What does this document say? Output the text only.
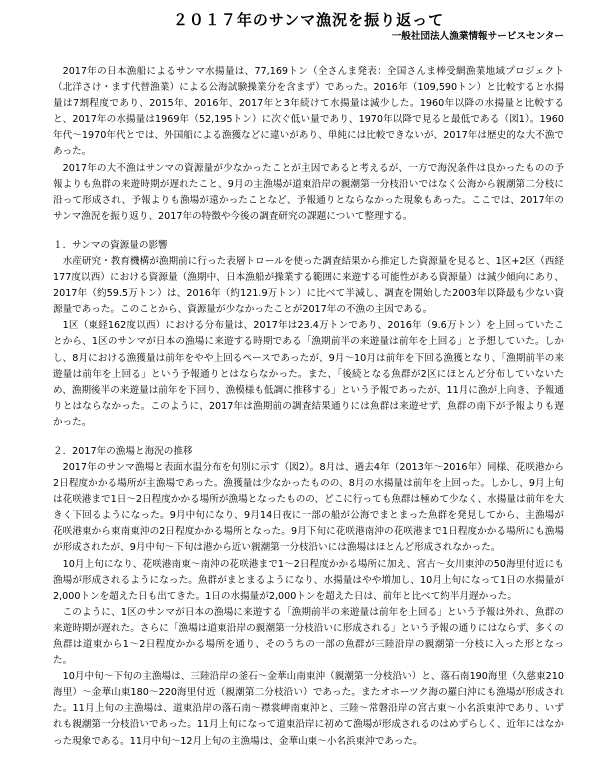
２０１７年のサンマ漁況を振り返って
一般社団法人漁業情報サービスセンター

2017年の日本漁船によるサンマ水揚量は、77,169トン（全さんま発表：全国さんま棒受網漁業地域プロジェクト（北洋さけ・ます代替漁業）による公海試験操業分を含まず）であった。2016年（109,590トン）と比較すると水揚量は7割程度であり、2015年、2016年、2017年と3年続けて水揚量は減少した。1960年以降の水揚量と比較すると、2017年の水揚量は1969年（52,195トン）に次ぐ低い量であり、1970年以降で見ると最低である（図1）。1960年代～1970年代とでは、外国船による漁獲などに違いがあり、単純には比較できないが、2017年は歴史的な大不漁であった。

2017年の大不漁はサンマの資源量が少なかったことが主因であると考えるが、一方で海況条件は良かったものの予報よりも魚群の来遊時期が遅れたこと、9月の主漁場が道東沿岸の親潮第一分枝沿いではなく公海から親潮第二分枝に沿って形成され、予報よりも漁場が遠かったことなど、予報通りとならなかった現象もあった。ここでは、2017年のサンマ漁況を振り返り、2017年の特徴や今後の調査研究の課題について整理する。

１．サンマの資源量の影響

水産研究・教育機構が漁期前に行った表層トロールを使った調査結果から推定した資源量を見ると、1区+2区（西経177度以西）における資源量（漁期中、日本漁船が操業する範囲に来遊する可能性がある資源量）は減少傾向にあり、2017年（約59.5万トン）は、2016年（約121.9万トン）に比べて半減し、調査を開始した2003年以降最も少ない資源量であった。このことから、資源量が少なかったことが2017年の不漁の主因である。

1区（東経162度以西）における分布量は、2017年は23.4万トンであり、2016年（9.6万トン）を上回っていたことから、1区のサンマが日本の漁場に来遊する時期である「漁期前半の来遊量は前年を上回る」と予想していた。しかし、8月における漁獲量は前年をやや上回るペースであったが、9月～10月は前年を下回る漁獲となり、「漁期前半の来遊量は前年を上回る」という予報通りとはならなかった。また、「後続となる魚群が2区にほとんど分布していないため、漁期後半の来遊量は前年を下回り、漁模様も低調に推移する」という予報であったが、11月に漁が上向き、予報通りとはならなかった。このように、2017年は漁期前の調査結果通りには魚群は来遊せず、魚群の南下が予報よりも遅かった。

２．2017年の漁場と海況の推移

2017年のサンマ漁場と表面水温分布を旬別に示す（図2）。8月は、過去4年（2013年～2016年）同様、花咲港から2日程度かかる場所が主漁場であった。漁獲量は少なかったものの、8月の水揚量は前年を上回った。しかし、9月上旬は花咲港まで1日～2日程度かかる場所が漁場となったものの、どこに行っても魚群は極めて少なく、水揚量は前年を大きく下回るようになった。9月中旬になり、9月14日夜に一部の船が公海でまとまった魚群を発見してから、主漁場が花咲港東から東南東沖の2日程度かかる場所となった。9月下旬に花咲港南沖の花咲港まで1日程度かかる場所にも漁場が形成されたが、9月中旬～下旬は港から近い親潮第一分枝沿いには漁場はほとんど形成されなかった。

10月上旬になり、花咲港南東～南沖の花咲港まで1～2日程度かかる場所に加え、宮古～女川東沖の50海里付近にも漁場が形成されるようになった。魚群がまとまるようになり、水揚量はやや増加し、10月上旬になって1日の水揚量が2,000トンを超えた日も出てきた。1日の水揚量が2,000トンを超えた日は、前年と比べて約半月遅かった。

このように、1区のサンマが日本の漁場に来遊する「漁期前半の来遊量は前年を上回る」という予報は外れ、魚群の来遊時期が遅れた。さらに「漁場は道東沿岸の親潮第一分枝沿いに形成される」という予報の通りにはならず、多くの魚群は道東から1～2日程度かかる場所を通り、そのうちの一部の魚群が三陸沿岸の親潮第一分枝に入った形となった。

10月中旬～下旬の主漁場は、三陸沿岸の釜石～金華山南東沖（親潮第一分枝沿い）と、落石南190海里（久慈東210海里）～金華山東180～220海里付近（親潮第二分枝沿い）であった。またオホーツク海の羅臼沖にも漁場が形成された。11月上旬の主漁場は、道東沿岸の落石南～襟裳岬南東沖と、三陸～常磐沿岸の宮古東～小名浜東沖であり、いずれも親潮第一分枝沿いであった。11月上旬になって道東沿岸に初めて漁場が形成されるのはめずらしく、近年にはなかった現象である。11月中旬～12月上旬の主漁場は、金華山東～小名浜東沖であった。
